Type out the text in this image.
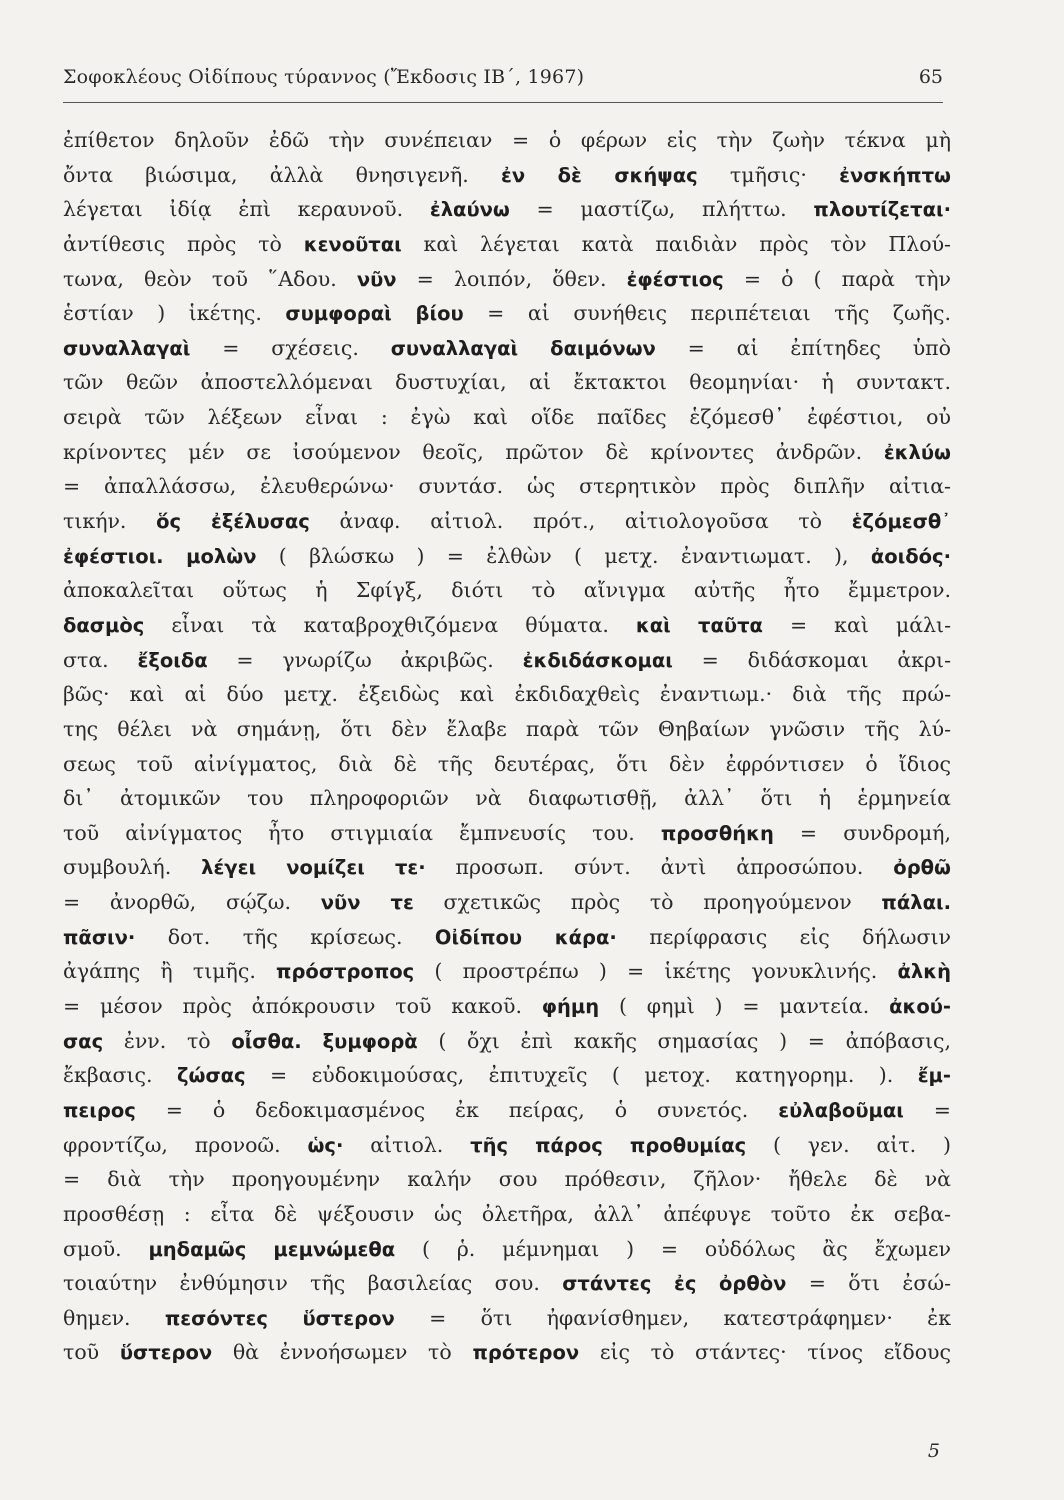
Σοφοκλέους Οἰδίπους τύραννος (Ἔκδοσις ΙΒ΄, 1967)	65
ἐπίθετον δηλοῦν ἐδῶ τὴν συνέπειαν = ὁ φέρων εἰς τὴν ζωὴν τέκνα μὴ
ὄντα βιώσιμα, ἀλλὰ θνησιγενῆ. ἐν δὲ σκήψας τμῆσις· ἐνσκήπτω
λέγεται ἰδίᾳ ἐπὶ κεραυνοῦ. ἐλαύνω = μαστίζω, πλήττω. πλουτίζεται·
ἀντίθεσις πρὸς τὸ κενοῦται καὶ λέγεται κατὰ παιδιὰν πρὸς τὸν Πλού-
τωνα, θεὸν τοῦ ῞Αδου. νῦν = λοιπόν, ὅθεν. ἐφέστιος = ὁ ( παρὰ τὴν
ἑστίαν ) ἱκέτης. συμφοραὶ βίου = αἱ συνήθεις περιπέτειαι τῆς ζωῆς.
συναλλαγαὶ = σχέσεις. συναλλαγαὶ δαιμόνων = αἱ ἐπίτηδες ὑπὸ
τῶν θεῶν ἀποστελλόμεναι δυστυχίαι, αἱ ἔκτακτοι θεομηνίαι· ἡ συντακτ.
σειρὰ τῶν λέξεων εἶναι : ἐγὼ καὶ οἵδε παῖδες ἑζόμεσθ᾽ ἐφέστιοι, οὐ
κρίνοντες μέν σε ἰσούμενον θεοῖς, πρῶτον δὲ κρίνοντες ἀνδρῶν. ἐκλύω
= ἀπαλλάσσω, ἐλευθερώνω· συντάσ. ὡς στερητικὸν πρὸς διπλῆν αἰτια-
τικήν. ὅς ἐξέλυσας ἀναφ. αἰτιολ. πρότ., αἰτιολογοῦσα τὸ ἑζόμεσθ᾽
ἐφέστιοι. μολὼν ( βλώσκω ) = ἐλθὼν ( μετχ. ἐναντιωματ. ), ἀοιδός·
ἀποκαλεῖται οὕτως ἡ Σφίγξ, διότι τὸ αἴνιγμα αὐτῆς ἦτο ἔμμετρον.
δασμὸς εἶναι τὰ καταβροχθιζόμενα θύματα. καὶ ταῦτα = καὶ μάλι-
στα. ἔξοιδα = γνωρίζω ἀκριβῶς. ἐκδιδάσκομαι = διδάσκομαι ἀκρι-
βῶς· καὶ αἱ δύο μετχ. ἐξειδὼς καὶ ἐκδιδαχθεὶς ἐναντιωμ.· διὰ τῆς πρώ-
της θέλει νὰ σημάνῃ, ὅτι δὲν ἔλαβε παρὰ τῶν Θηβαίων γνῶσιν τῆς λύ-
σεως τοῦ αἰνίγματος, διὰ δὲ τῆς δευτέρας, ὅτι δὲν ἐφρόντισεν ὁ ἴδιος
δι᾽ ἀτομικῶν του πληροφοριῶν νὰ διαφωτισθῇ, ἀλλ᾽ ὅτι ἡ ἑρμηνεία
τοῦ αἰνίγματος ἦτο στιγμιαία ἔμπνευσίς του. προσθήκη = συνδρομή,
συμβουλή. λέγει νομίζει τε· προσωπ. σύντ. ἀντὶ ἀπροσώπου. ὀρθῶ
= ἀνορθῶ, σῴζω. νῦν τε σχετικῶς πρὸς τὸ προηγούμενον πάλαι.
πᾶσιν· δοτ. τῆς κρίσεως. Οἰδίπου κάρα· περίφρασις εἰς δήλωσιν
ἀγάπης ἢ τιμῆς. πρόστροπος ( προστρέπω ) = ἱκέτης γονυκλινής. ἀλκὴ
= μέσον πρὸς ἀπόκρουσιν τοῦ κακοῦ. φήμη ( φημὶ ) = μαντεία. ἀκού-
σας ἐνν. τὸ οἶσθα. ξυμφορὰ ( ὄχι ἐπὶ κακῆς σημασίας ) = ἀπόβασις,
ἔκβασις. ζώσας = εὐδοκιμούσας, ἐπιτυχεῖς ( μετοχ. κατηγορημ. ). ἔμ-
πειρος = ὁ δεδοκιμασμένος ἐκ πείρας, ὁ συνετός. εὐλαβοῦμαι =
φροντίζω, προνοῶ. ὡς· αἰτιολ. τῆς πάρος προθυμίας ( γεν. αἰτ. )
= διὰ τὴν προηγουμένην καλήν σου πρόθεσιν, ζῆλον· ἤθελε δὲ νὰ
προσθέσῃ : εἶτα δὲ ψέξουσιν ὡς ὀλετῆρα, ἀλλ᾽ ἀπέφυγε τοῦτο ἐκ σεβα-
σμοῦ. μηδαμῶς μεμνώμεθα ( ῥ. μέμνημαι ) = οὐδόλως ἂς ἔχωμεν
τοιαύτην ἐνθύμησιν τῆς βασιλείας σου. στάντες ἐς ὀρθὸν = ὅτι ἐσώ-
θημεν. πεσόντες ὕστερον = ὅτι ἠφανίσθημεν, κατεστράφημεν· ἐκ
τοῦ ὕστερον θὰ ἐννοήσωμεν τὸ πρότερον εἰς τὸ στάντες· τίνος εἴδους
5
